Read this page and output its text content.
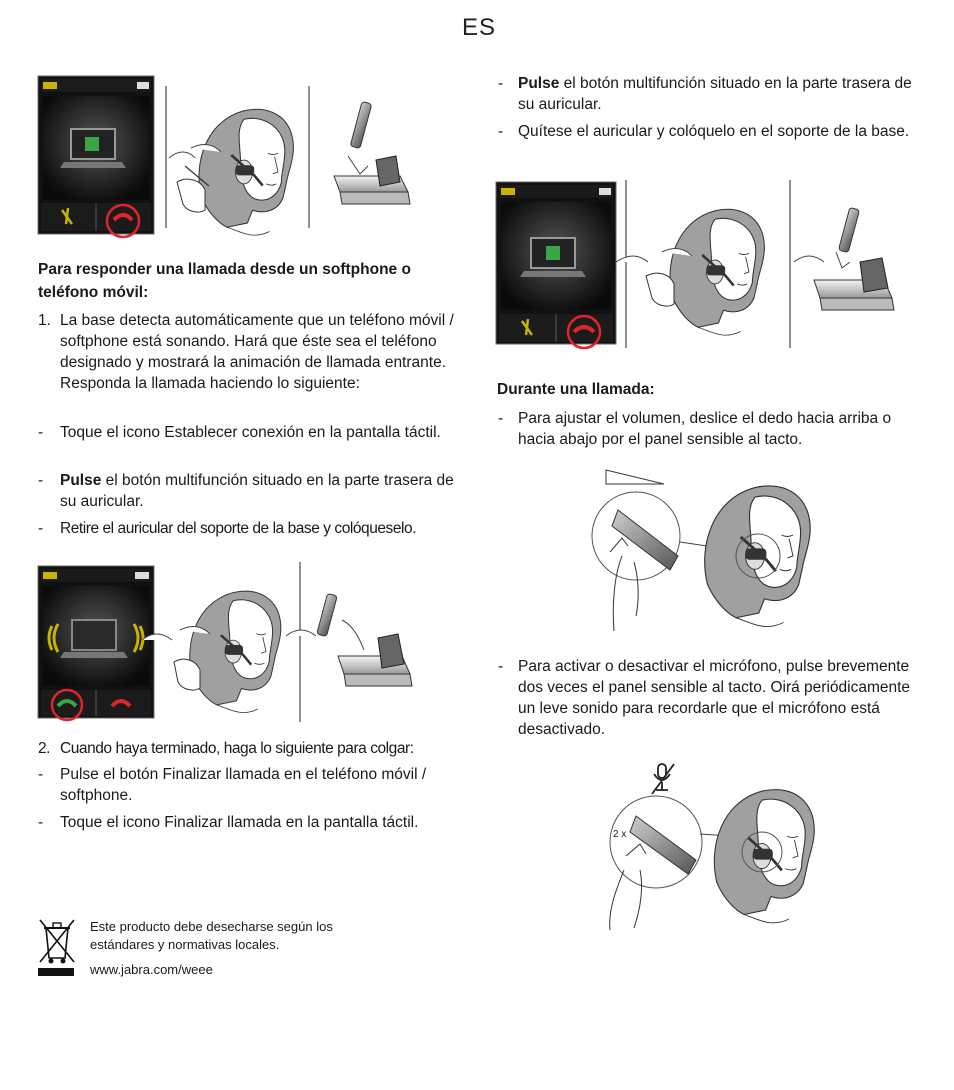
ES
Para responder una llamada desde un softphone o teléfono móvil:
1. La base detecta automáticamente que un teléfono móvil / softphone está sonando. Hará que éste sea el teléfono designado y mostrará la animación de llamada entrante. Responda la llamada haciendo lo siguiente:
- Toque el icono Establecer conexión en la pantalla táctil.
- Pulse el botón multifunción situado en la parte trasera de su auricular.
- Retire el auricular del soporte de la base y colóqueselo.
2. Cuando haya terminado, haga lo siguiente para colgar:
- Pulse el botón Finalizar llamada en el teléfono móvil / softphone.
- Toque el icono Finalizar llamada en la pantalla táctil.
Este producto debe desecharse según los estándares y normativas locales.
www.jabra.com/weee
- Pulse el botón multifunción situado en la parte trasera de su auricular.
- Quítese el auricular y colóquelo en el soporte de la base.
Durante una llamada:
- Para ajustar el volumen, deslice el dedo hacia arriba o hacia abajo por el panel sensible al tacto.
- Para activar o desactivar el micrófono, pulse brevemente dos veces el panel sensible al tacto. Oirá periódicamente un leve sonido para recordarle que el micrófono está desactivado.
2 x
